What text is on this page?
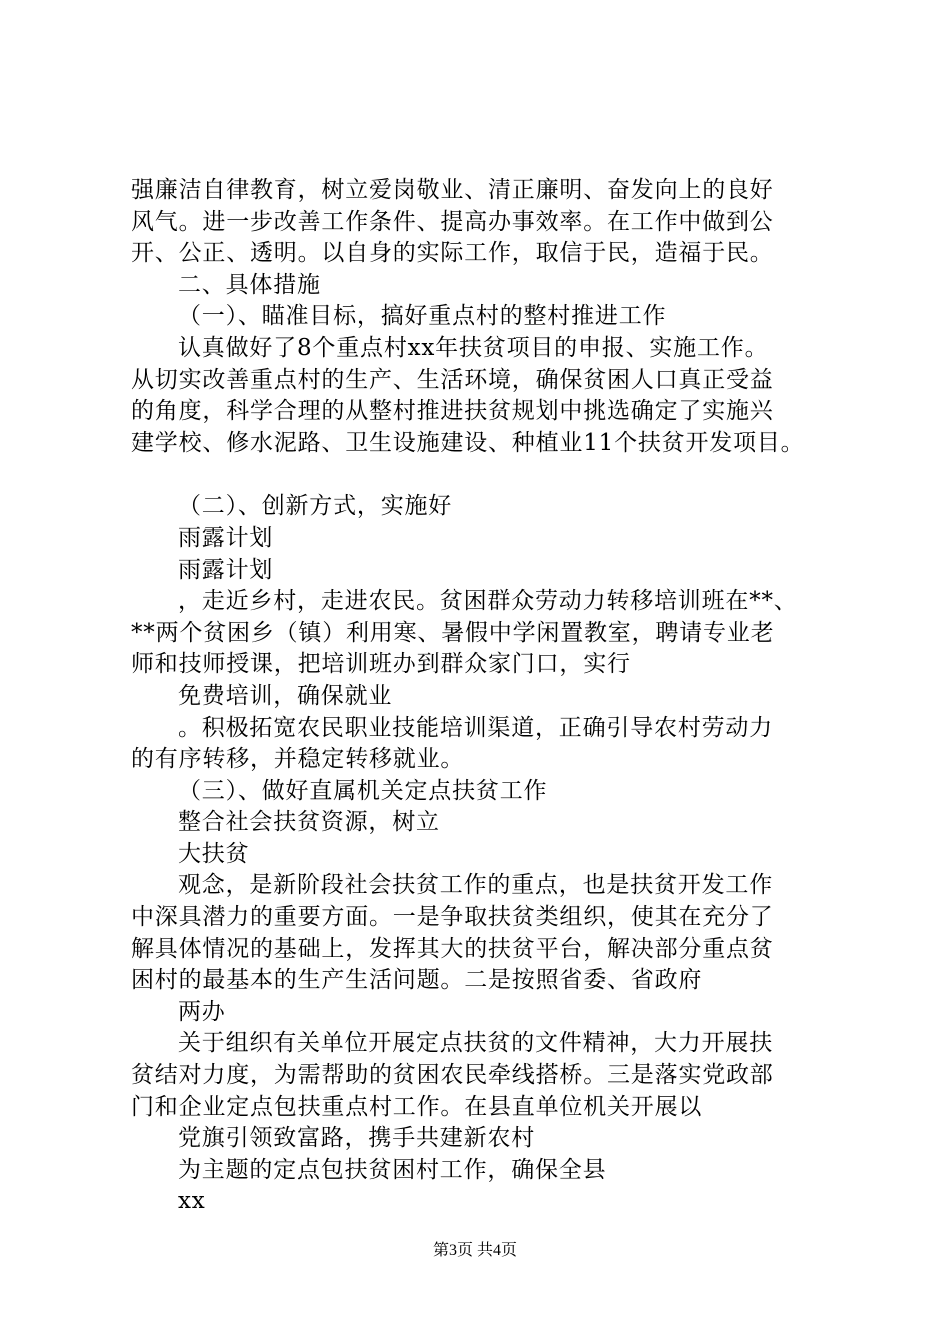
强廉洁自律教育，树立爱岗敬业、清正廉明、奋发向上的良好
风气。进一步改善工作条件、提高办事效率。在工作中做到公
开、公正、透明。以自身的实际工作，取信于民，造福于民。
二、具体措施
（一）、瞄准目标，搞好重点村的整村推进工作
认真做好了8个重点村xx年扶贫项目的申报、实施工作。
从切实改善重点村的生产、生活环境，确保贫困人口真正受益
的角度，科学合理的从整村推进扶贫规划中挑选确定了实施兴
建学校、修水泥路、卫生设施建设、种植业11个扶贫开发项目。
（二）、创新方式，实施好
雨露计划
雨露计划
，走近乡村，走进农民。贫困群众劳动力转移培训班在**、
**两个贫困乡（镇）利用寒、暑假中学闲置教室，聘请专业老
师和技师授课，把培训班办到群众家门口，实行
免费培训，确保就业
。积极拓宽农民职业技能培训渠道，正确引导农村劳动力
的有序转移，并稳定转移就业。
（三）、做好直属机关定点扶贫工作
整合社会扶贫资源，树立
大扶贫
观念，是新阶段社会扶贫工作的重点，也是扶贫开发工作
中深具潜力的重要方面。一是争取扶贫类组织，使其在充分了
解具体情况的基础上，发挥其大的扶贫平台，解决部分重点贫
困村的最基本的生产生活问题。二是按照省委、省政府
两办
关于组织有关单位开展定点扶贫的文件精神，大力开展扶
贫结对力度，为需帮助的贫困农民牵线搭桥。三是落实党政部
门和企业定点包扶重点村工作。在县直单位机关开展以
党旗引领致富路，携手共建新农村
为主题的定点包扶贫困村工作，确保全县
xx
第3页 共4页
